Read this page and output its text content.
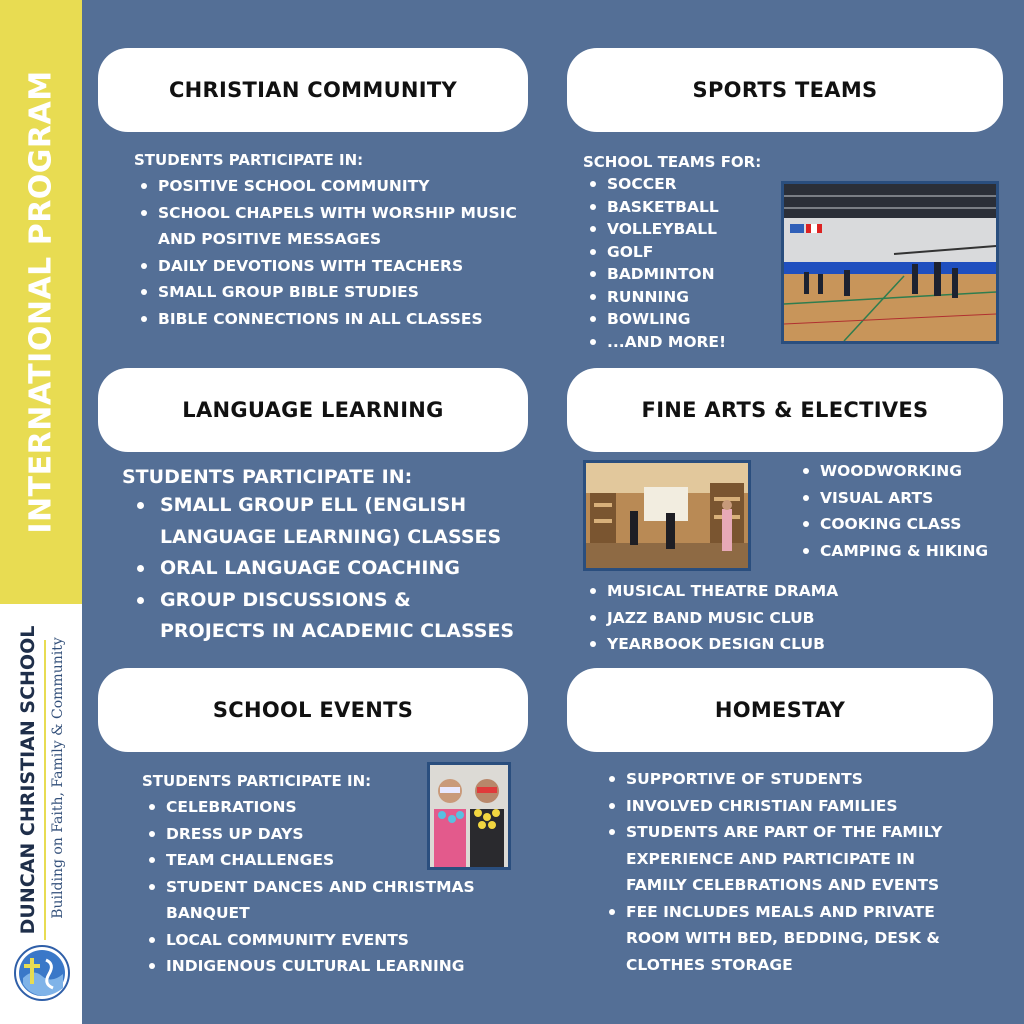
INTERNATIONAL PROGRAM
DUNCAN CHRISTIAN SCHOOL Building on Faith, Family & Community
CHRISTIAN COMMUNITY
STUDENTS PARTICIPATE IN:
POSITIVE SCHOOL COMMUNITY
SCHOOL CHAPELS WITH WORSHIP MUSIC AND POSITIVE MESSAGES
DAILY DEVOTIONS WITH TEACHERS
SMALL GROUP BIBLE STUDIES
BIBLE CONNECTIONS IN ALL CLASSES
SPORTS TEAMS
SCHOOL TEAMS FOR:
SOCCER
BASKETBALL
VOLLEYBALL
GOLF
BADMINTON
RUNNING
BOWLING
...AND MORE!
LANGUAGE LEARNING
STUDENTS PARTICIPATE IN:
SMALL GROUP ELL (ENGLISH LANGUAGE LEARNING) CLASSES
ORAL LANGUAGE COACHING
GROUP DISCUSSIONS & PROJECTS IN ACADEMIC CLASSES
FINE ARTS & ELECTIVES
WOODWORKING
VISUAL ARTS
COOKING CLASS
CAMPING & HIKING
MUSICAL THEATRE DRAMA
JAZZ BAND MUSIC CLUB
YEARBOOK DESIGN CLUB
SCHOOL EVENTS
STUDENTS PARTICIPATE IN:
CELEBRATIONS
DRESS UP DAYS
TEAM CHALLENGES
STUDENT DANCES AND CHRISTMAS BANQUET
LOCAL COMMUNITY EVENTS
INDIGENOUS CULTURAL LEARNING
HOMESTAY
SUPPORTIVE OF STUDENTS
INVOLVED CHRISTIAN FAMILIES
STUDENTS ARE PART OF THE FAMILY EXPERIENCE AND PARTICIPATE IN FAMILY CELEBRATIONS AND EVENTS
FEE INCLUDES MEALS AND PRIVATE ROOM WITH BED, BEDDING, DESK & CLOTHES STORAGE
